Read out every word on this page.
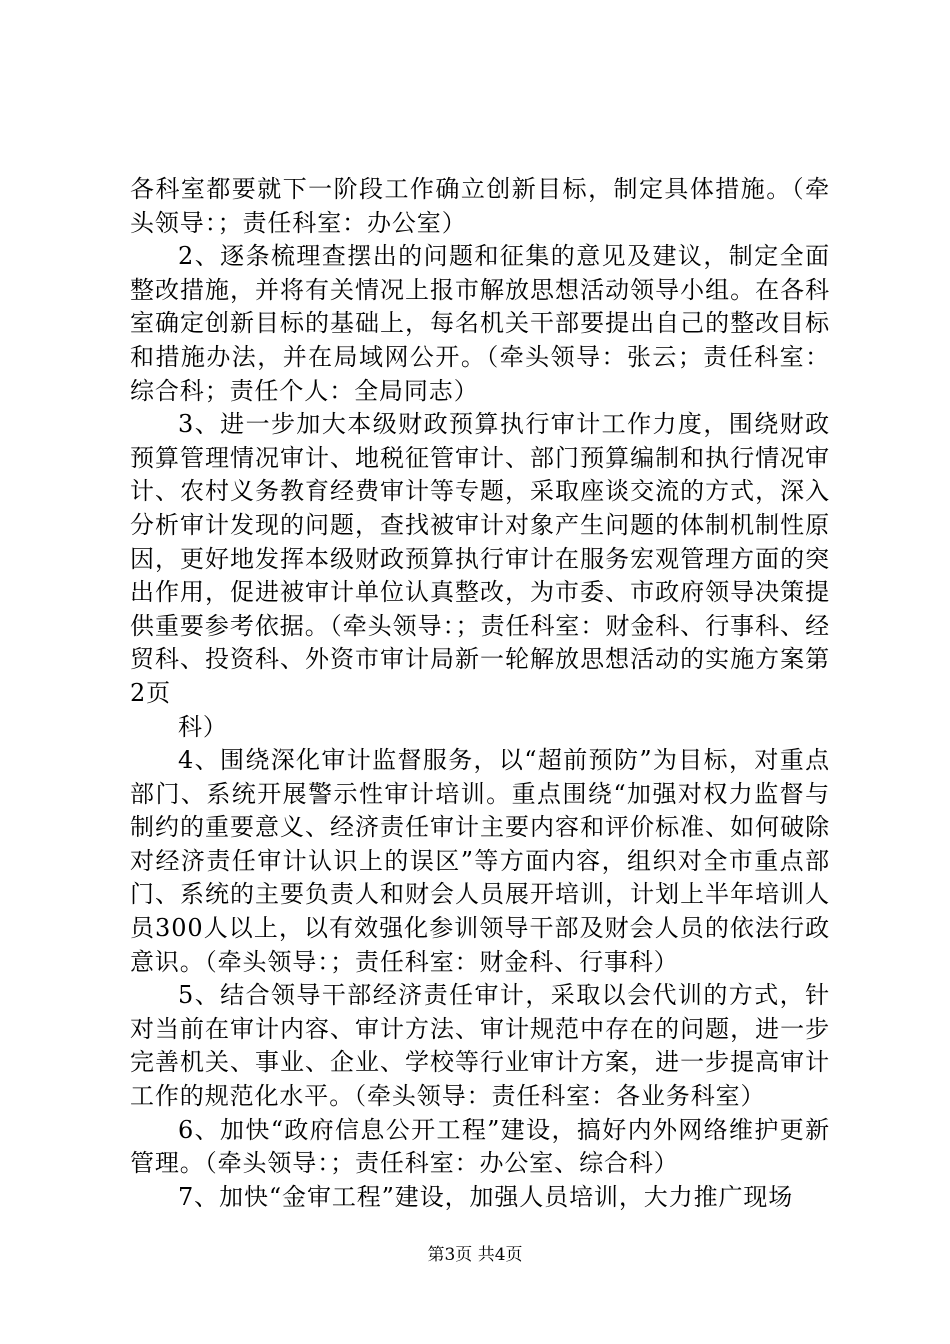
各科室都要就下一阶段工作确立创新目标，制定具体措施。（牵头领导：；责任科室：办公室）

2、逐条梳理查摆出的问题和征集的意见及建议，制定全面整改措施，并将有关情况上报市解放思想活动领导小组。在各科室确定创新目标的基础上，每名机关干部要提出自己的整改目标和措施办法，并在局域网公开。（牵头领导：张云；责任科室：综合科；责任个人：全局同志）

3、进一步加大本级财政预算执行审计工作力度，围绕财政预算管理情况审计、地税征管审计、部门预算编制和执行情况审计、农村义务教育经费审计等专题，采取座谈交流的方式，深入分析审计发现的问题，查找被审计对象产生问题的体制机制性原因，更好地发挥本级财政预算执行审计在服务宏观管理方面的突出作用，促进被审计单位认真整改，为市委、市政府领导决策提供重要参考依据。（牵头领导：；责任科室：财金科、行事科、经贸科、投资科、外资市审计局新一轮解放思想活动的实施方案第2页

科）

4、围绕深化审计监督服务，以“超前预防”为目标，对重点部门、系统开展警示性审计培训。重点围绕“加强对权力监督与制约的重要意义、经济责任审计主要内容和评价标准、如何破除对经济责任审计认识上的误区”等方面内容，组织对全市重点部门、系统的主要负责人和财会人员展开培训，计划上半年培训人员300人以上，以有效强化参训领导干部及财会人员的依法行政意识。（牵头领导：；责任科室：财金科、行事科）

5、结合领导干部经济责任审计，采取以会代训的方式，针对当前在审计内容、审计方法、审计规范中存在的问题，进一步完善机关、事业、企业、学校等行业审计方案，进一步提高审计工作的规范化水平。（牵头领导：责任科室：各业务科室）

6、加快“政府信息公开工程”建设，搞好内外网络维护更新管理。（牵头领导：；责任科室：办公室、综合科）

7、加快“金审工程”建设，加强人员培训，大力推广现场

第3页 共4页
